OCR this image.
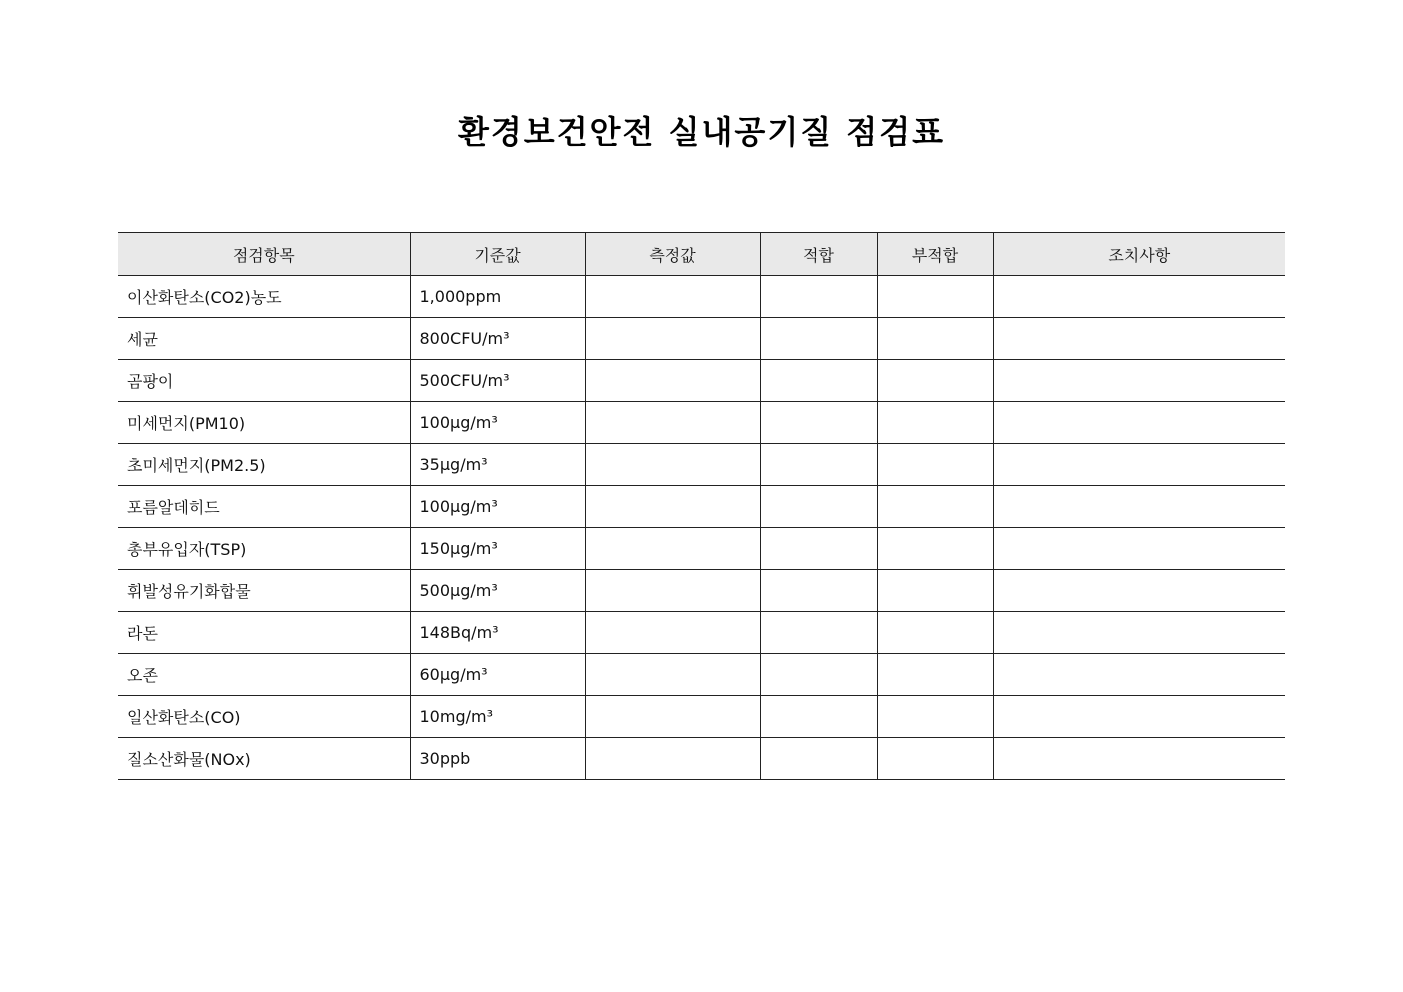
환경보건안전 실내공기질 점검표
점검항목	기준값	측정값	적합	부적합	조치사항
이산화탄소(CO2)농도	1,000ppm				
세균	800CFU/m³				
곰팡이	500CFU/m³				
미세먼지(PM10)	100μg/m³				
초미세먼지(PM2.5)	35μg/m³				
포름알데히드	100μg/m³				
총부유입자(TSP)	150μg/m³				
휘발성유기화합물	500μg/m³				
라돈	148Bq/m³				
오존	60μg/m³				
일산화탄소(CO)	10mg/m³				
질소산화물(NOx)	30ppb				
